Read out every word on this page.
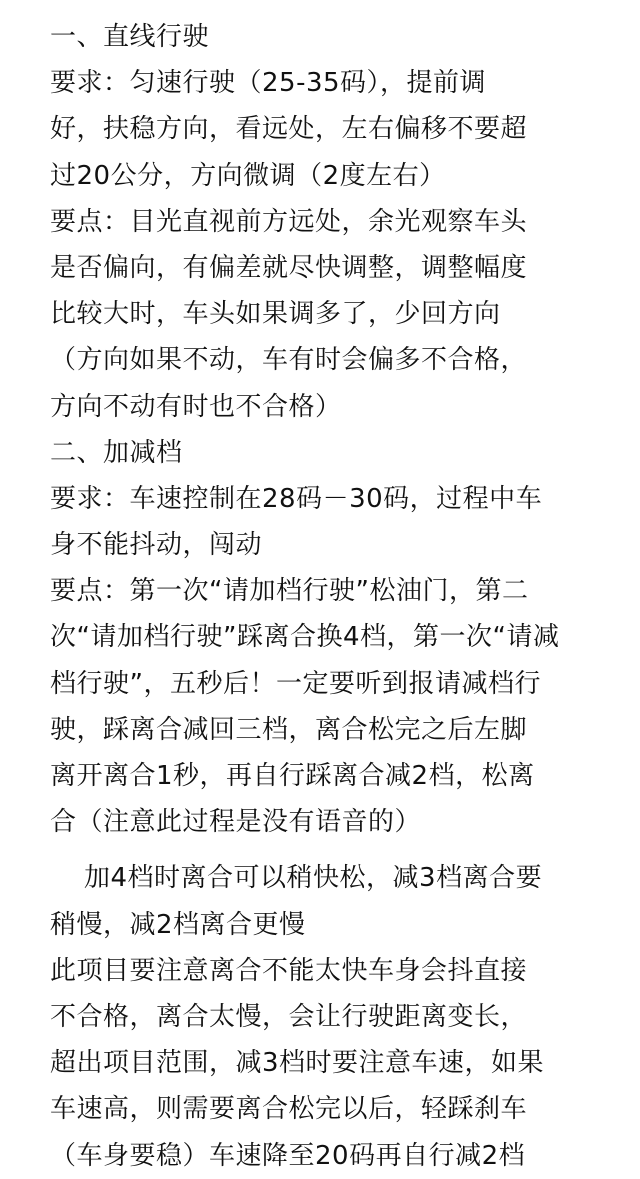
一、直线行驶
要求：匀速行驶（25-35码），提前调
好，扶稳方向，看远处，左右偏移不要超
过20公分，方向微调（2度左右）
要点：目光直视前方远处，余光观察车头
是否偏向，有偏差就尽快调整，调整幅度
比较大时，车头如果调多了，少回方向
（方向如果不动，车有时会偏多不合格，
方向不动有时也不合格）
二、加减档
要求：车速控制在28码－30码，过程中车
身不能抖动，闯动
要点：第一次“请加档行驶”松油门，第二
次“请加档行驶”踩离合换4档，第一次“请减
档行驶”，五秒后！一定要听到报请减档行
驶，踩离合减回三档，离合松完之后左脚
离开离合1秒，再自行踩离合减2档，松离
合（注意此过程是没有语音的）
加4档时离合可以稍快松，减3档离合要
稍慢，减2档离合更慢
此项目要注意离合不能太快车身会抖直接
不合格，离合太慢，会让行驶距离变长，
超出项目范围，减3档时要注意车速，如果
车速高，则需要离合松完以后，轻踩刹车
（车身要稳）车速降至20码再自行减2档
